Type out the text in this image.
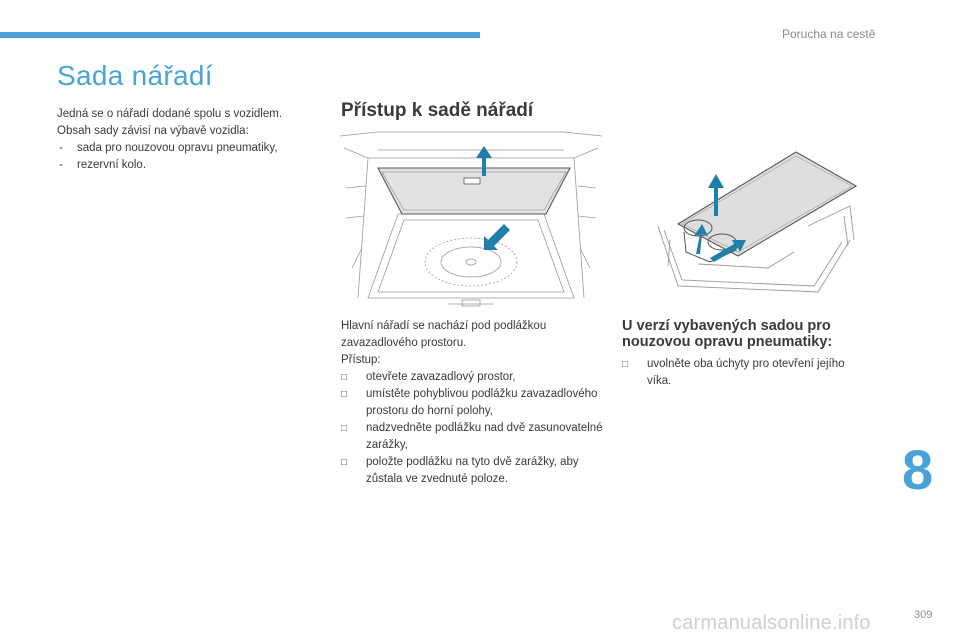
Porucha na cestě
Sada nářadí
Jedná se o nářadí dodané spolu s vozidlem.
Obsah sady závisí na výbavě vozidla:
- sada pro nouzovou opravu pneumatiky,
- rezervní kolo.
Přístup k sadě nářadí

Hlavní nářadí se nachází pod podlážkou

zavazadlového prostoru.

Přístup:

□ otevřete zavazadlový prostor,
□ umístěte pohyblivou podlážku zavazadlového prostoru do horní polohy,
□ nadzvedněte podlážku nad dvě zasunovatelné zarážky,
□ položte podlážku na tyto dvě zarážky, aby zůstala ve zvednuté poloze.
U verzí vybavených sadou pro nouzovou opravu pneumatiky:
□ uvolněte oba úchyty pro otevření jejího víka.
8
309
carmanualsonline.info
